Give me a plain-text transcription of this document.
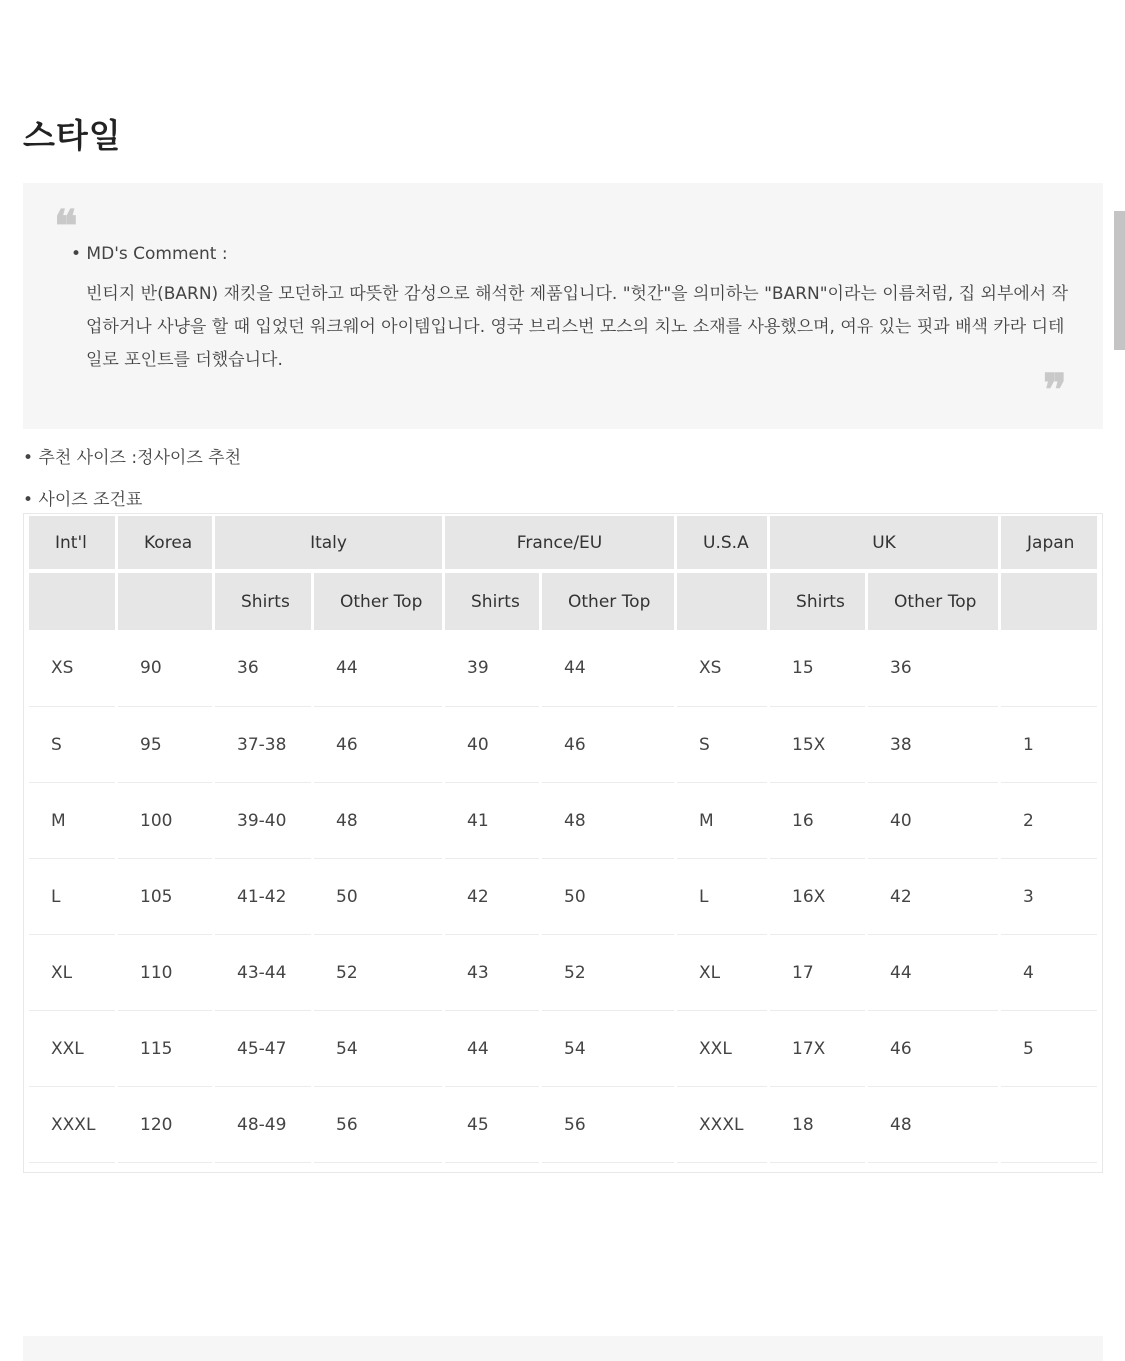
스타일
❝
• MD's Comment :

빈티지 반(BARN) 재킷을 모던하고 따뜻한 감성으로 해석한 제품입니다. "헛간"을 의미하는 "BARN"이라는 이름처럼, 집 외부에서 작업하거나 사냥을 할 때 입었던 워크웨어 아이템입니다. 영국 브리스번 모스의 치노 소재를 사용했으며, 여유 있는 핏과 배색 카라 디테일로 포인트를 더했습니다.

❞
• 추천 사이즈 :정사이즈 추천
• 사이즈 조건표
Int'l	Korea	Italy		France/EU		U.S.A	UK		Japan
		Shirts	Other Top	Shirts	Other Top		Shirts	Other Top	
XS	90	36	44	39	44	XS	15	36	
S	95	37-38	46	40	46	S	15X	38	1
M	100	39-40	48	41	48	M	16	40	2
L	105	41-42	50	42	50	L	16X	42	3
XL	110	43-44	52	43	52	XL	17	44	4
XXL	115	45-47	54	44	54	XXL	17X	46	5
XXXL	120	48-49	56	45	56	XXXL	18	48	
